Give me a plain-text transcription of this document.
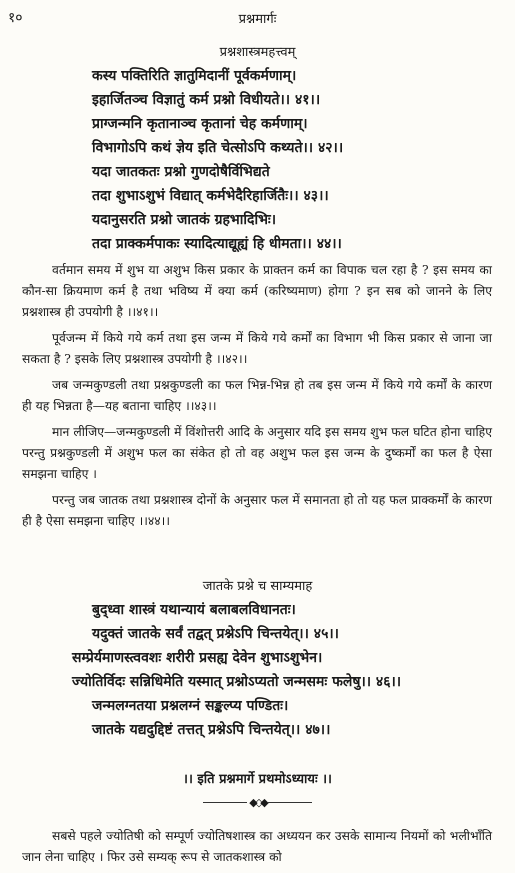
१०	प्रश्नमार्गः
प्रश्नशास्त्रमहत्त्वम्
कस्य पक्तिरिति ज्ञातुमिदानीं पूर्वकर्मणाम्।
इहार्जितञ्च विज्ञातुं कर्म प्रश्नो विधीयते।। ४१।।
प्राग्जन्मनि कृतानाञ्च कृतानां चेह कर्मणाम्।
विभागोऽपि कथं ज्ञेय इति चेत्सोऽपि कथ्यते।। ४२।।
यदा जातकतः प्रश्नो गुणदोषैर्विभिद्यते
तदा शुभाऽशुभं विद्यात् कर्मभेदैरिहार्जितैः।। ४३।।
यदानुसरति प्रश्नो जातकं ग्रहभादिभिः।
तदा प्राक्कर्मपाकः स्यादित्याद्यूह्यं हि धीमता।। ४४।।

वर्तमान समय में शुभ या अशुभ किस प्रकार के प्राक्तन कर्म का विपाक चल रहा है ? इस समय का कौन-सा क्रियमाण कर्म है तथा भविष्य में क्या कर्म (करिष्यमाण) होगा ? इन सब को जानने के लिए प्रश्नशास्त्र ही उपयोगी है ।।४१।।

पूर्वजन्म में किये गये कर्म तथा इस जन्म में किये गये कर्मों का विभाग भी किस प्रकार से जाना जा सकता है ? इसके लिए प्रश्नशास्त्र उपयोगी है ।।४२।।

जब जन्मकुण्डली तथा प्रश्नकुण्डली का फल भिन्न-भिन्न हो तब इस जन्म में किये गये कर्मों के कारण ही यह भिन्नता है—यह बताना चाहिए ।।४३।।

मान लीजिए—जन्मकुण्डली में विंशोत्तरी आदि के अनुसार यदि इस समय शुभ फल घटित होना चाहिए परन्तु प्रश्नकुण्डली में अशुभ फल का संकेत हो तो वह अशुभ फल इस जन्म के दुष्कर्मों का फल है ऐसा समझना चाहिए ।

परन्तु जब जातक तथा प्रश्नशास्त्र दोनों के अनुसार फल में समानता हो तो यह फल प्राक्कर्मों के कारण ही है ऐसा समझना चाहिए ।।४४।।

जातके प्रश्ने च साम्यमाह
बुद्ध्वा शास्त्रं यथान्यायं बलाबलविधानतः।
यदुक्तं जातके सर्वं तद्वत् प्रश्नेऽपि चिन्तयेत्।। ४५।।
सम्प्रेर्यमाणस्त्ववशः शरीरी प्रसह्य देवेन शुभाऽशुभेन।
ज्योतिर्विदः सन्निधिमेति यस्मात् प्रश्नोऽप्यतो जन्मसमः फलेषु।। ४६।।
जन्मलग्नतया प्रश्नलग्नं सङ्कल्प्य पण्डितः।
जातके यद्यदुद्दिष्टं तत्तत् प्रश्नेऽपि चिन्तयेत्।। ४७।।
।। इति प्रश्नमार्गे प्रथमोऽध्यायः ।।
◆◇◆

सबसे पहले ज्योतिषी को सम्पूर्ण ज्योतिषशास्त्र का अध्ययन कर उसके सामान्य नियमों को भलीभाँति जान लेना चाहिए । फिर उसे सम्यक् रूप से जातकशास्त्र को
